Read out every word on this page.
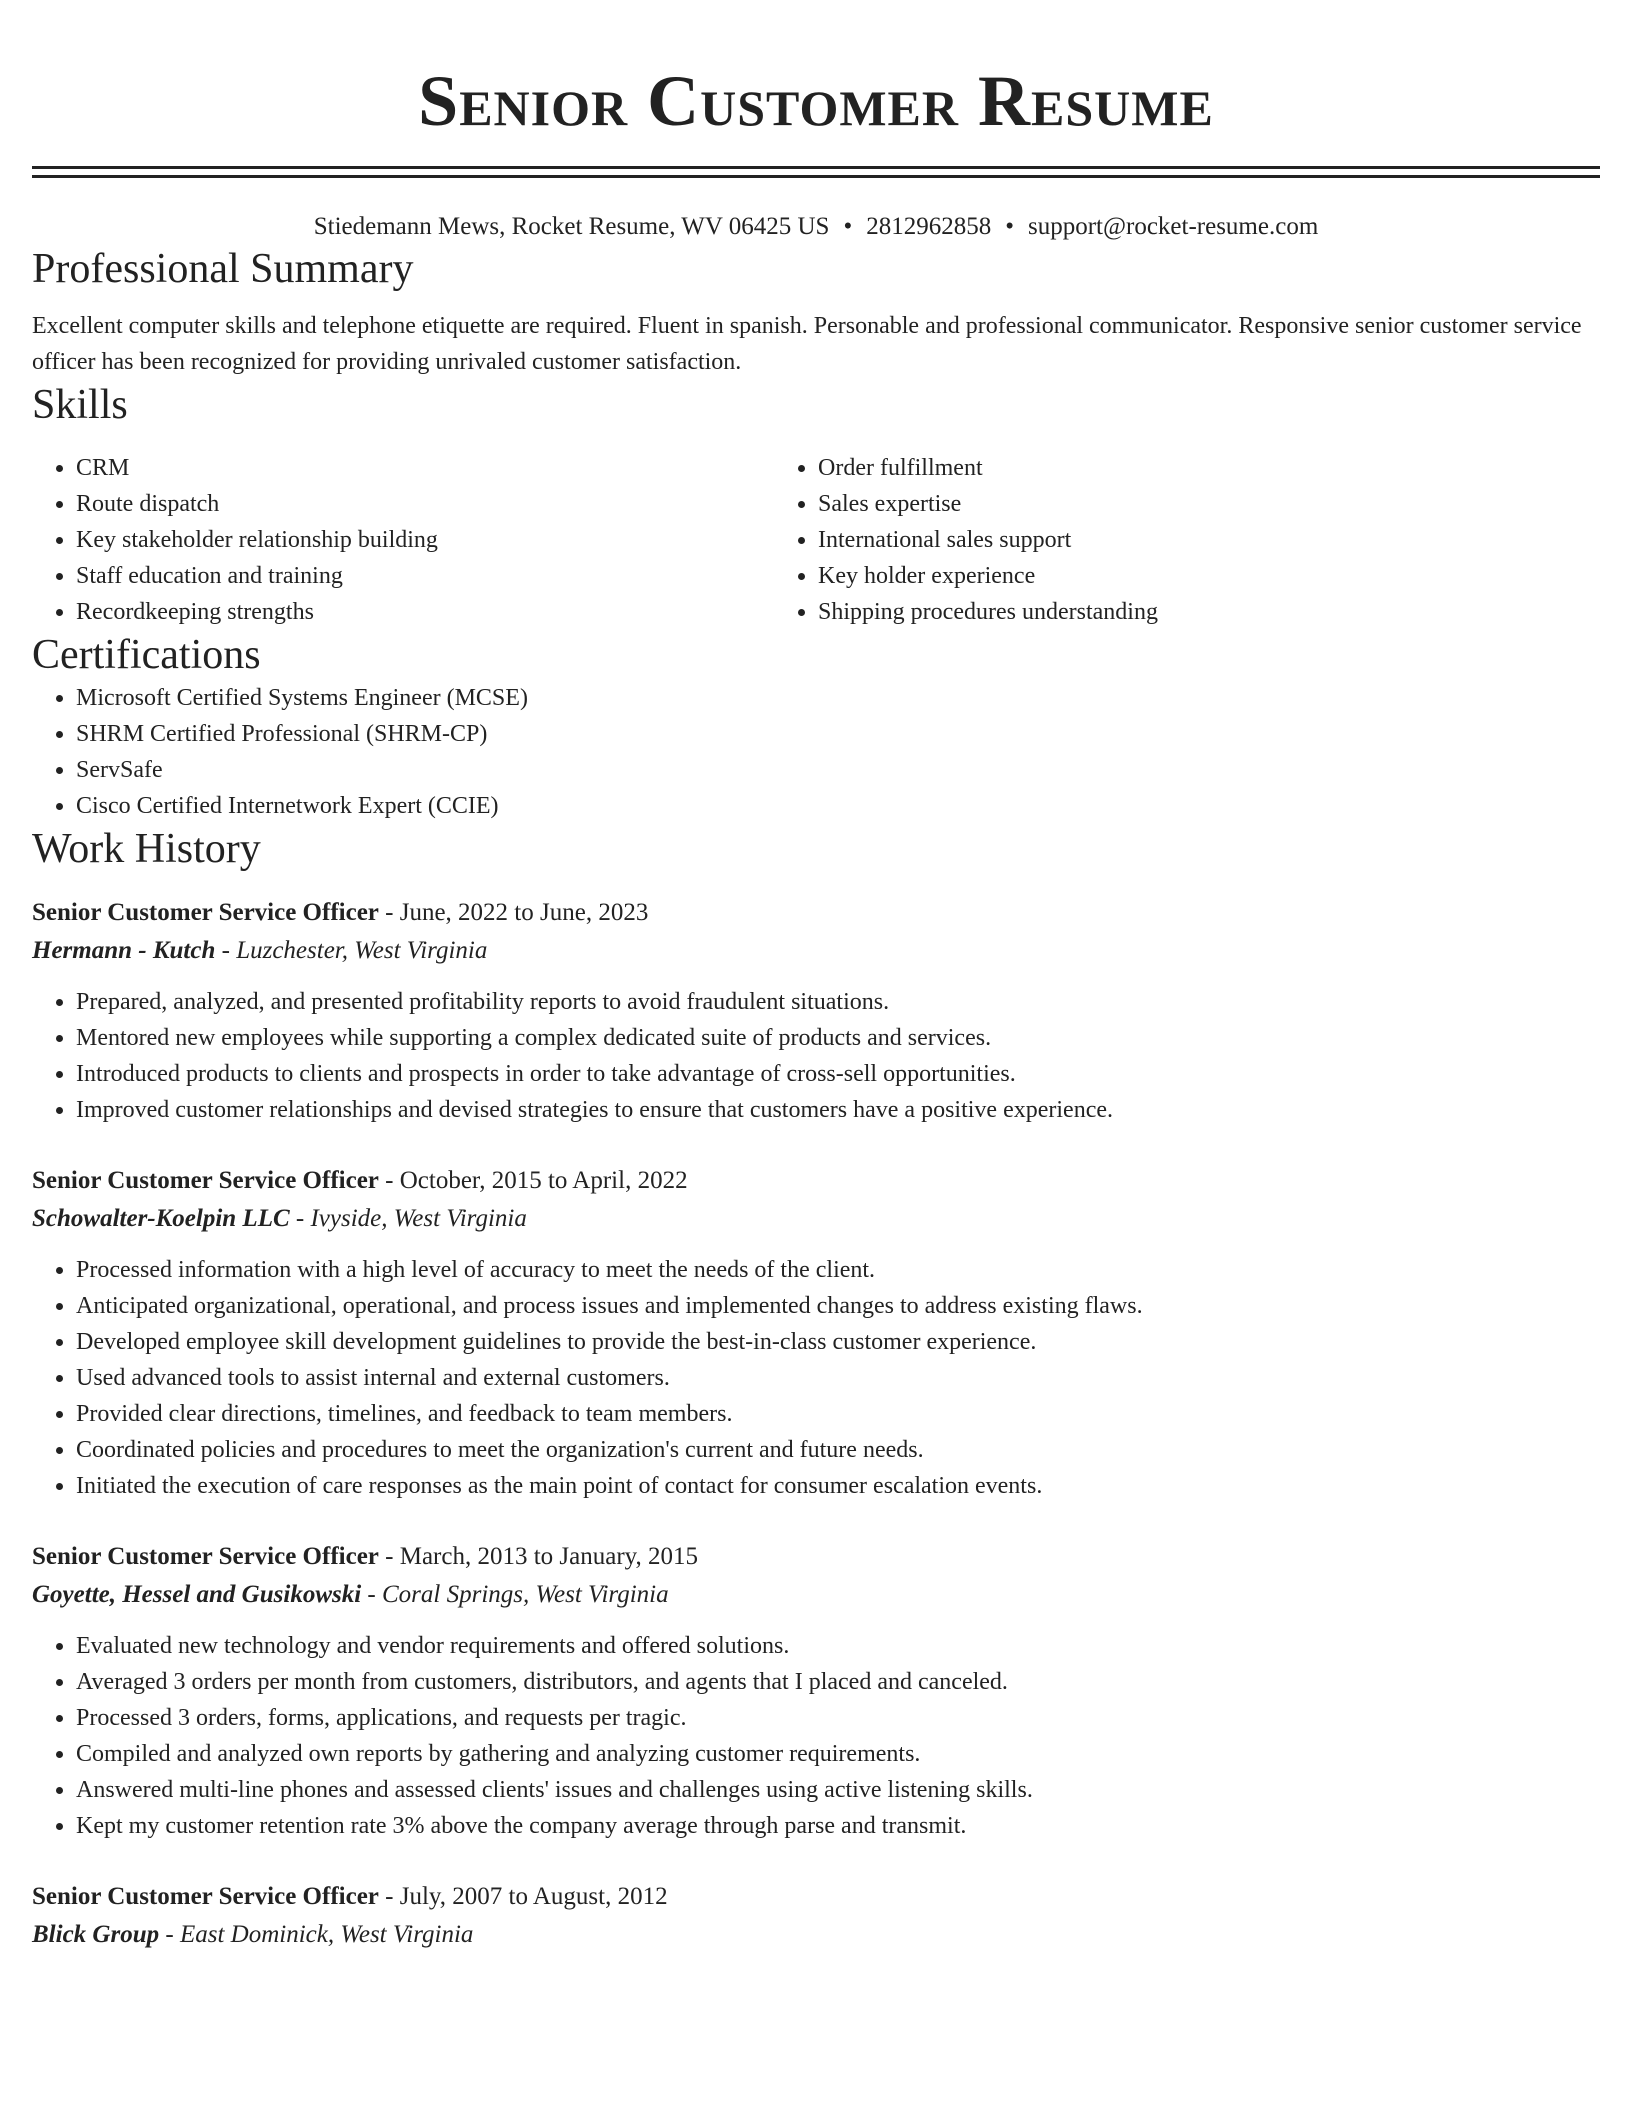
Senior Customer Resume
Stiedemann Mews, Rocket Resume, WV 06425 US • 2812962858 • support@rocket-resume.com
Professional Summary
Excellent computer skills and telephone etiquette are required. Fluent in spanish. Personable and professional communicator. Responsive senior customer service officer has been recognized for providing unrivaled customer satisfaction.
Skills
• CRM
• Route dispatch
• Key stakeholder relationship building
• Staff education and training
• Recordkeeping strengths
• Order fulfillment
• Sales expertise
• International sales support
• Key holder experience
• Shipping procedures understanding
Certifications
• Microsoft Certified Systems Engineer (MCSE)
• SHRM Certified Professional (SHRM-CP)
• ServSafe
• Cisco Certified Internetwork Expert (CCIE)
Work History
Senior Customer Service Officer - June, 2022 to June, 2023
Hermann - Kutch - Luzchester, West Virginia
• Prepared, analyzed, and presented profitability reports to avoid fraudulent situations.
• Mentored new employees while supporting a complex dedicated suite of products and services.
• Introduced products to clients and prospects in order to take advantage of cross-sell opportunities.
• Improved customer relationships and devised strategies to ensure that customers have a positive experience.
Senior Customer Service Officer - October, 2015 to April, 2022
Schowalter-Koelpin LLC - Ivyside, West Virginia
• Processed information with a high level of accuracy to meet the needs of the client.
• Anticipated organizational, operational, and process issues and implemented changes to address existing flaws.
• Developed employee skill development guidelines to provide the best-in-class customer experience.
• Used advanced tools to assist internal and external customers.
• Provided clear directions, timelines, and feedback to team members.
• Coordinated policies and procedures to meet the organization's current and future needs.
• Initiated the execution of care responses as the main point of contact for consumer escalation events.
Senior Customer Service Officer - March, 2013 to January, 2015
Goyette, Hessel and Gusikowski - Coral Springs, West Virginia
• Evaluated new technology and vendor requirements and offered solutions.
• Averaged 3 orders per month from customers, distributors, and agents that I placed and canceled.
• Processed 3 orders, forms, applications, and requests per tragic.
• Compiled and analyzed own reports by gathering and analyzing customer requirements.
• Answered multi-line phones and assessed clients' issues and challenges using active listening skills.
• Kept my customer retention rate 3% above the company average through parse and transmit.
Senior Customer Service Officer - July, 2007 to August, 2012
Blick Group - East Dominick, West Virginia
